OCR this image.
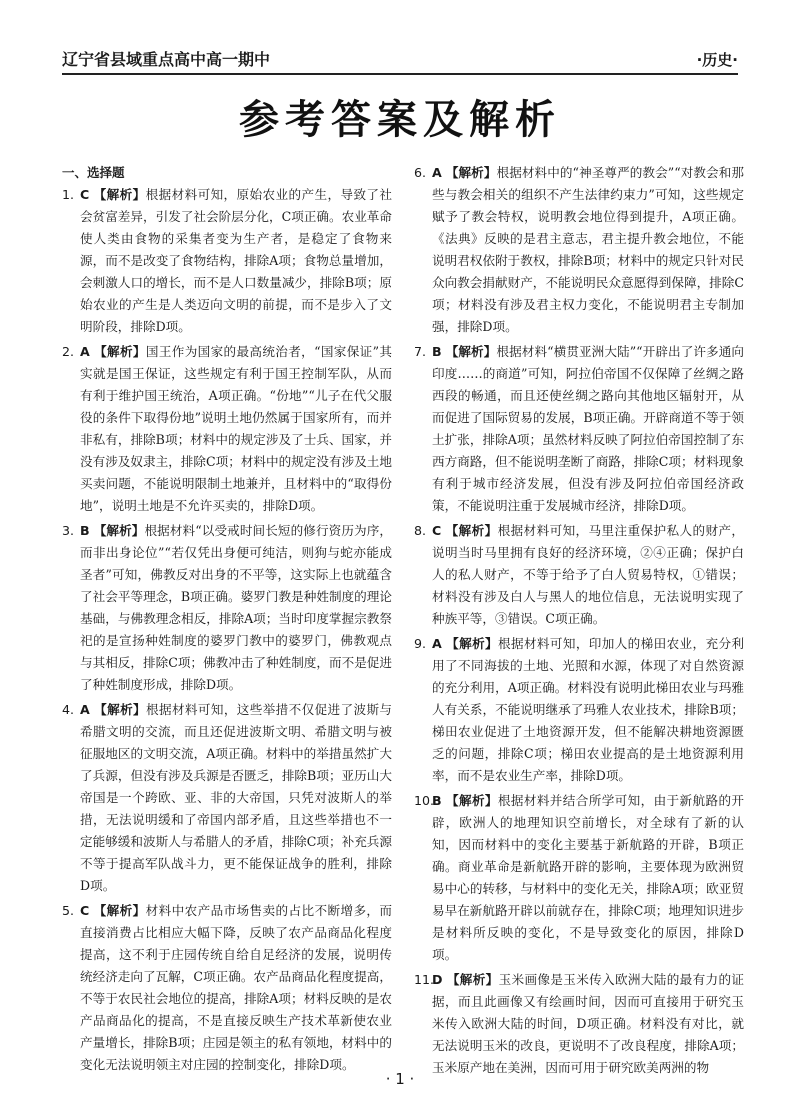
辽宁省县域重点高中高一期中	·历史·
参考答案及解析

一、选择题

1. C 【解析】根据材料可知，原始农业的产生，导致了社会贫富差异，引发了社会阶层分化，C项正确。农业革命使人类由食物的采集者变为生产者，是稳定了食物来源，而不是改变了食物结构，排除A项；食物总量增加，会刺激人口的增长，而不是人口数量减少，排除B项；原始农业的产生是人类迈向文明的前提，而不是步入了文明阶段，排除D项。

2. A 【解析】国王作为国家的最高统治者，“国家保证”其实就是国王保证，这些规定有利于国王控制军队，从而有利于维护国王统治，A项正确。“份地”“儿子在代父服役的条件下取得份地”说明土地仍然属于国家所有，而并非私有，排除B项；材料中的规定涉及了士兵、国家，并没有涉及奴隶主，排除C项；材料中的规定没有涉及土地买卖问题，不能说明限制土地兼并，且材料中的“取得份地”，说明土地是不允许买卖的，排除D项。

3. B 【解析】根据材料“以受戒时间长短的修行资历为序，而非出身论位”“若仅凭出身便可纯洁，则狗与蛇亦能成圣者”可知，佛教反对出身的不平等，这实际上也就蕴含了社会平等理念，B项正确。婆罗门教是种姓制度的理论基础，与佛教理念相反，排除A项；当时印度掌握宗教祭祀的是宣扬种姓制度的婆罗门教中的婆罗门，佛教观点与其相反，排除C项；佛教冲击了种姓制度，而不是促进了种姓制度形成，排除D项。

4. A 【解析】根据材料可知，这些举措不仅促进了波斯与希腊文明的交流，而且还促进波斯文明、希腊文明与被征服地区的文明交流，A项正确。材料中的举措虽然扩大了兵源，但没有涉及兵源是否匮乏，排除B项；亚历山大帝国是一个跨欧、亚、非的大帝国，只凭对波斯人的举措，无法说明缓和了帝国内部矛盾，且这些举措也不一定能够缓和波斯人与希腊人的矛盾，排除C项；补充兵源不等于提高军队战斗力，更不能保证战争的胜利，排除D项。

5. C 【解析】材料中农产品市场售卖的占比不断增多，而直接消费占比相应大幅下降，反映了农产品商品化程度提高，这不利于庄园传统自给自足经济的发展，说明传统经济走向了瓦解，C项正确。农产品商品化程度提高，不等于农民社会地位的提高，排除A项；材料反映的是农产品商品化的提高，不是直接反映生产技术革新使农业产量增长，排除B项；庄园是领主的私有领地，材料中的变化无法说明领主对庄园的控制变化，排除D项。

6. A 【解析】根据材料中的“神圣尊严的教会”“对教会和那些与教会相关的组织不产生法律约束力”可知，这些规定赋予了教会特权，说明教会地位得到提升，A项正确。《法典》反映的是君主意志，君主提升教会地位，不能说明君权依附于教权，排除B项；材料中的规定只针对民众向教会捐献财产，不能说明民众意愿得到保障，排除C项；材料没有涉及君主权力变化，不能说明君主专制加强，排除D项。

7. B 【解析】根据材料“横贯亚洲大陆”“开辟出了许多通向印度……的商道”可知，阿拉伯帝国不仅保障了丝绸之路西段的畅通，而且还使丝绸之路向其他地区辐射开，从而促进了国际贸易的发展，B项正确。开辟商道不等于领土扩张，排除A项；虽然材料反映了阿拉伯帝国控制了东西方商路，但不能说明垄断了商路，排除C项；材料现象有利于城市经济发展，但没有涉及阿拉伯帝国经济政策，不能说明注重于发展城市经济，排除D项。

8. C 【解析】根据材料可知，马里注重保护私人的财产，说明当时马里拥有良好的经济环境，②④正确；保护白人的私人财产，不等于给予了白人贸易特权，①错误；材料没有涉及白人与黑人的地位信息，无法说明实现了种族平等，③错误。C项正确。

9. A 【解析】根据材料可知，印加人的梯田农业，充分利用了不同海拔的土地、光照和水源，体现了对自然资源的充分利用，A项正确。材料没有说明此梯田农业与玛雅人有关系，不能说明继承了玛雅人农业技术，排除B项；梯田农业促进了土地资源开发，但不能解决耕地资源匮乏的问题，排除C项；梯田农业提高的是土地资源利用率，而不是农业生产率，排除D项。

10.
B 【解析】根据材料并结合所学可知，由于新航路的开辟，欧洲人的地理知识空前增长，对全球有了新的认知，因而材料中的变化主要基于新航路的开辟，B项正确。商业革命是新航路开辟的影响，主要体现为欧洲贸易中心的转移，与材料中的变化无关，排除A项；欧亚贸易早在新航路开辟以前就存在，排除C项；地理知识进步是材料所反映的变化，不是导致变化的原因，排除D项。

11.
D 【解析】玉米画像是玉米传入欧洲大陆的最有力的证据，而且此画像又有绘画时间，因而可直接用于研究玉米传入欧洲大陆的时间，D项正确。材料没有对比，就无法说明玉米的改良，更说明不了改良程度，排除A项；玉米原产地在美洲，因而可用于研究欧美两洲的物

· 1 ·
